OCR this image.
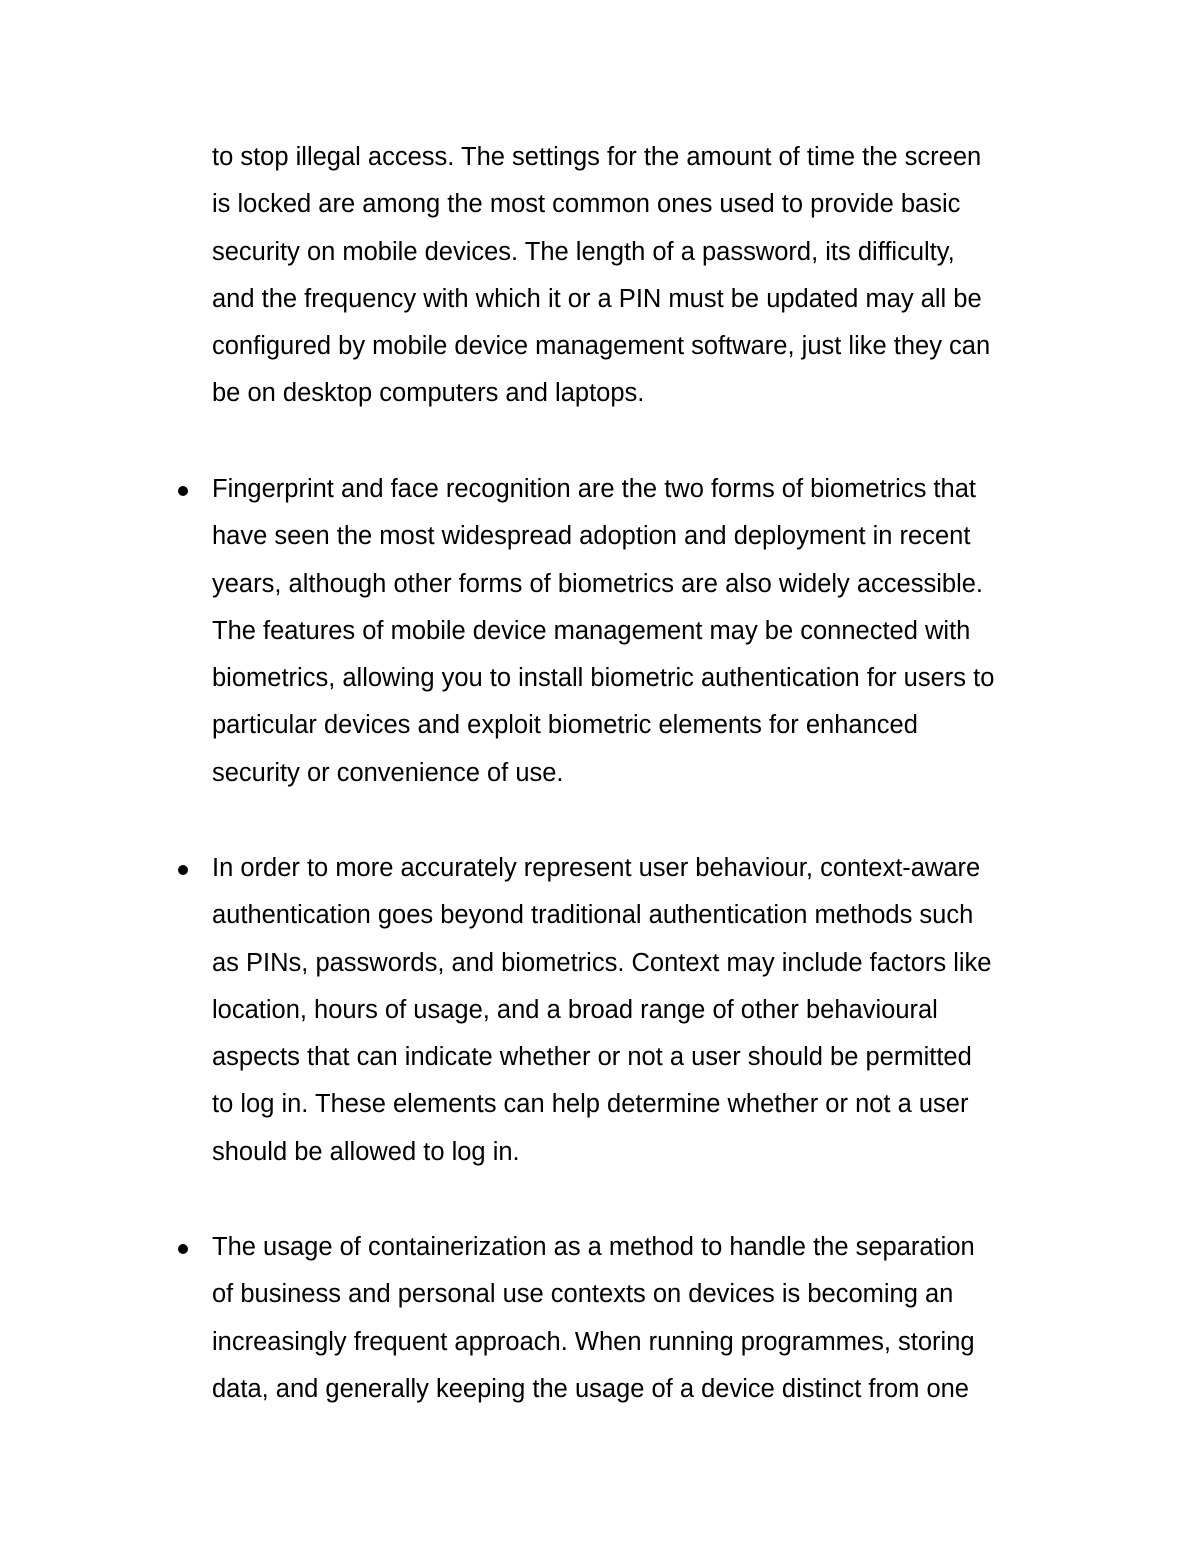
to stop illegal access. The settings for the amount of time the screen
is locked are among the most common ones used to provide basic
security on mobile devices. The length of a password, its difficulty,
and the frequency with which it or a PIN must be updated may all be
configured by mobile device management software, just like they can
be on desktop computers and laptops.
Fingerprint and face recognition are the two forms of biometrics that
have seen the most widespread adoption and deployment in recent
years, although other forms of biometrics are also widely accessible.
The features of mobile device management may be connected with
biometrics, allowing you to install biometric authentication for users to
particular devices and exploit biometric elements for enhanced
security or convenience of use.
In order to more accurately represent user behaviour, context-aware
authentication goes beyond traditional authentication methods such
as PINs, passwords, and biometrics. Context may include factors like
location, hours of usage, and a broad range of other behavioural
aspects that can indicate whether or not a user should be permitted
to log in. These elements can help determine whether or not a user
should be allowed to log in.
The usage of containerization as a method to handle the separation
of business and personal use contexts on devices is becoming an
increasingly frequent approach. When running programmes, storing
data, and generally keeping the usage of a device distinct from one
